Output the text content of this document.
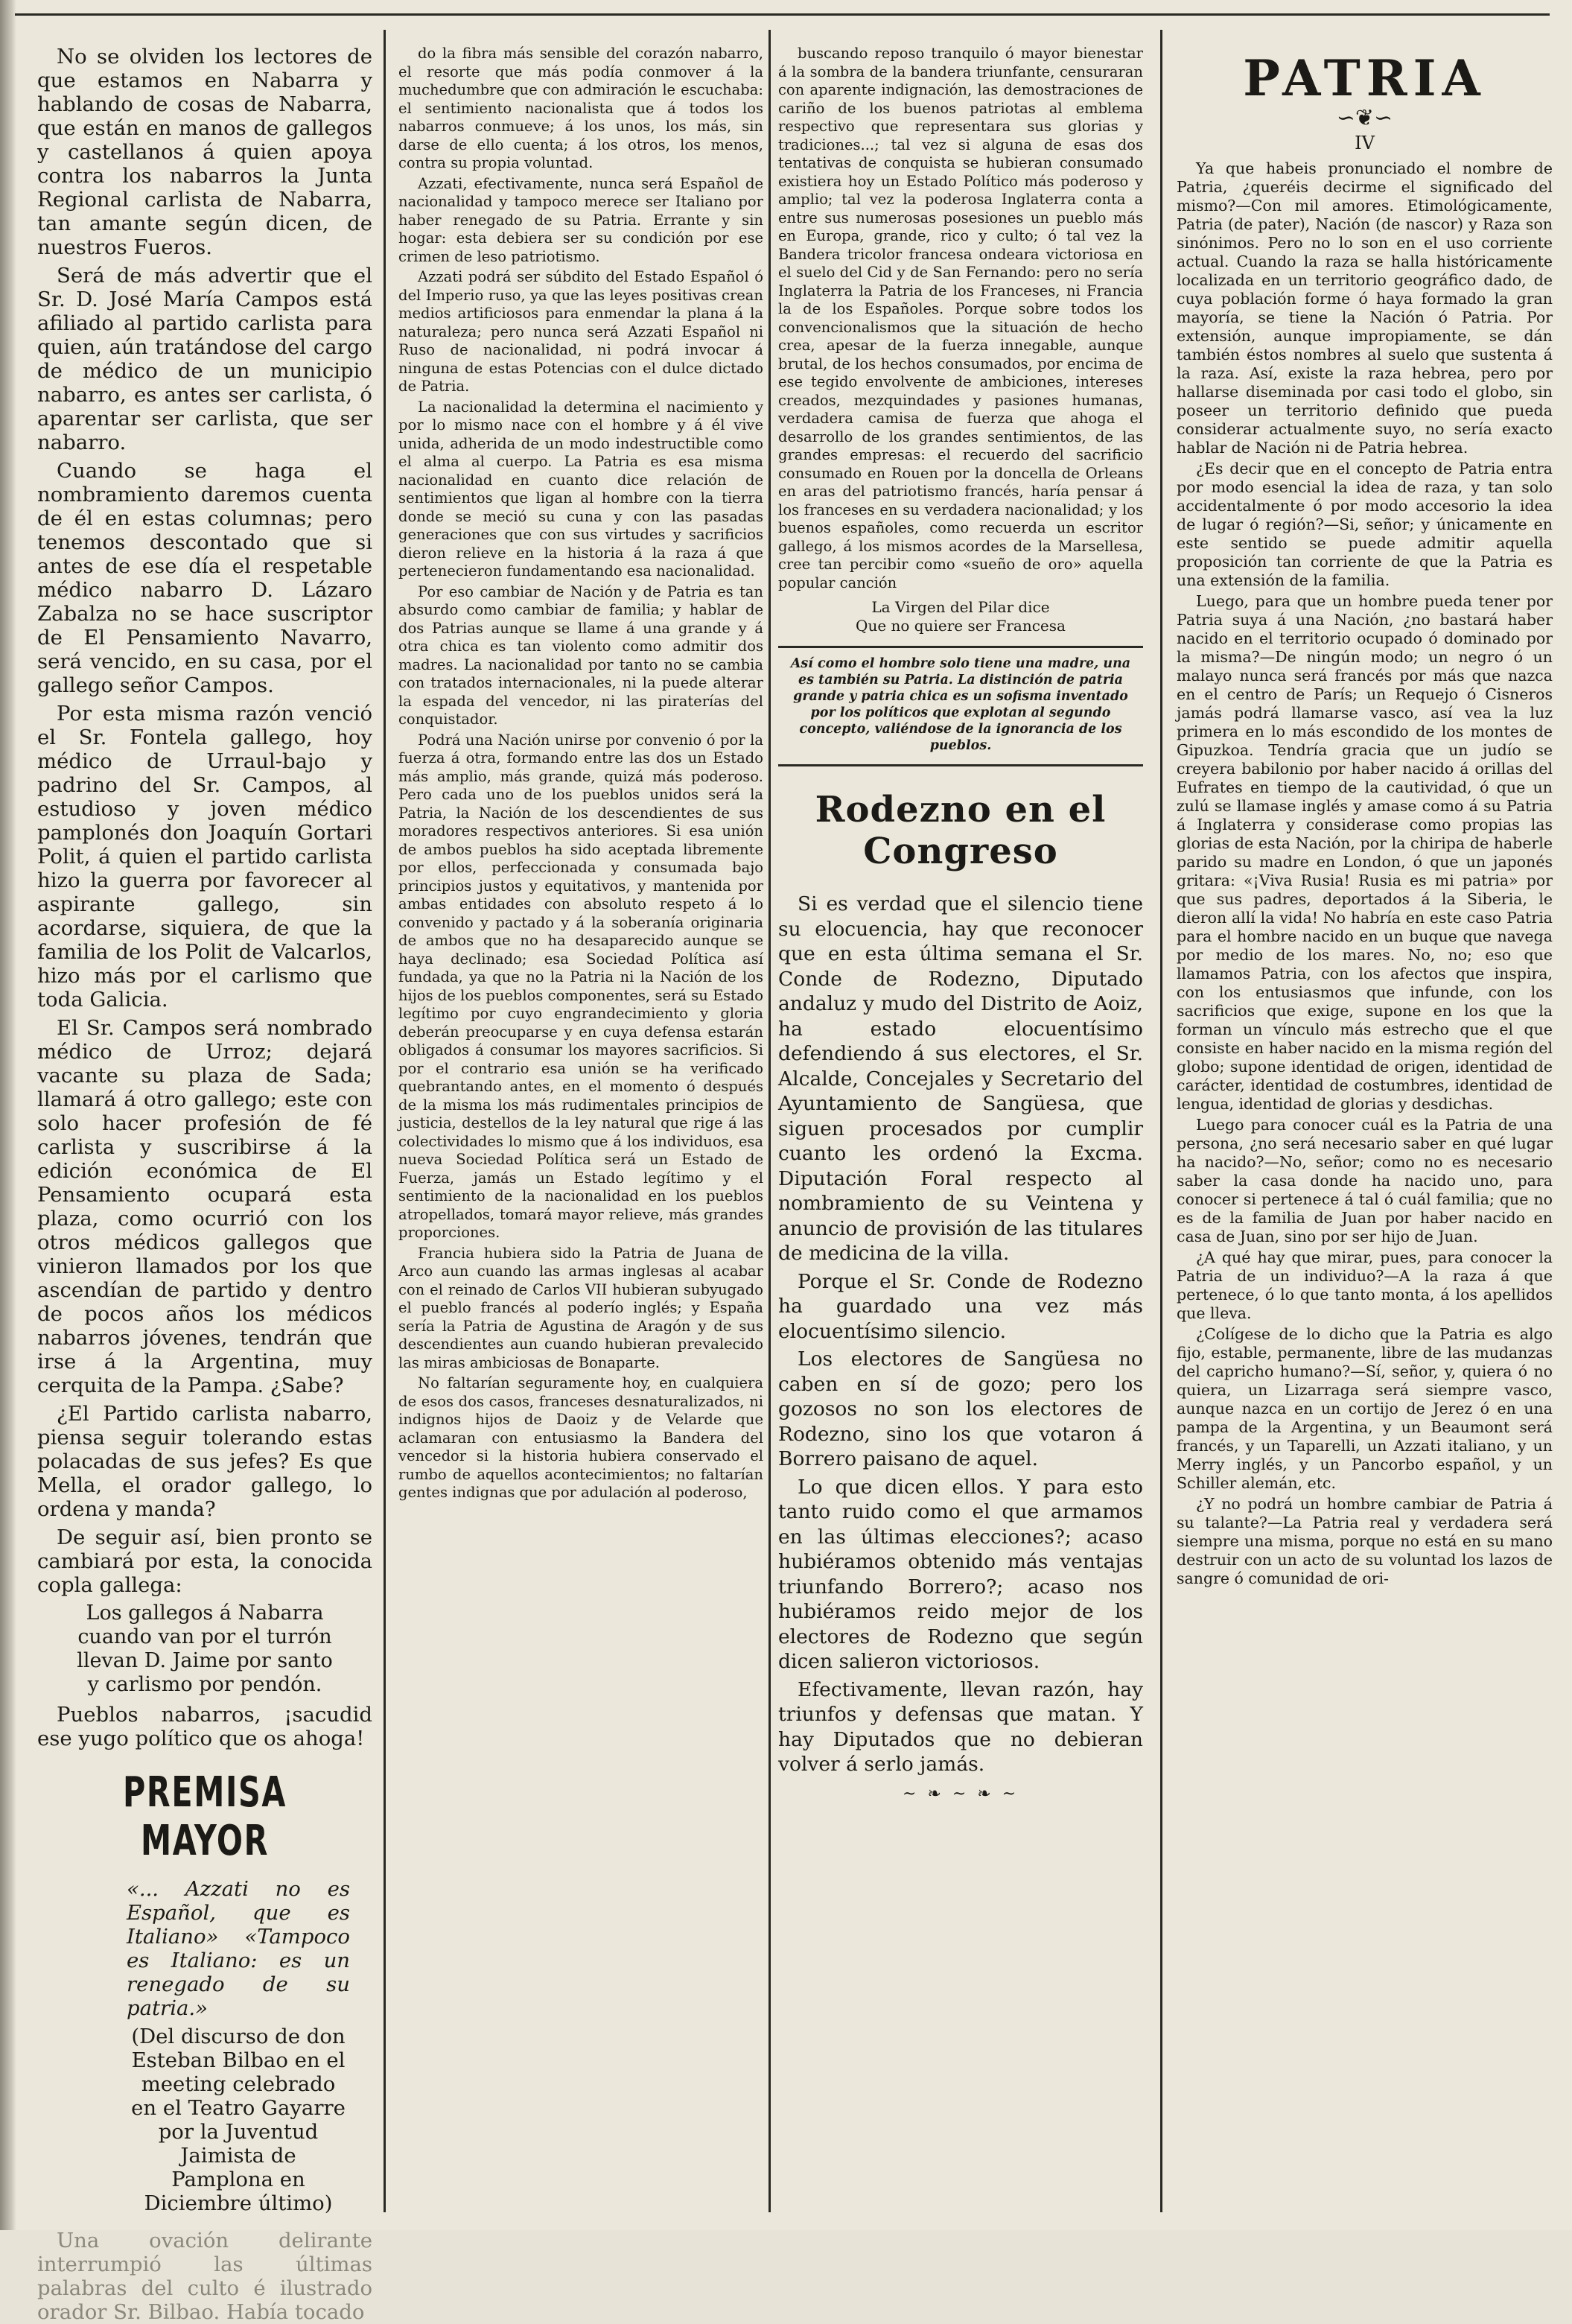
No se olviden los lectores de que estamos en Nabarra y hablando de cosas de Nabarra, que están en manos de gallegos y castellanos á quien apoya contra los nabarros la Junta Regional carlista de Nabarra, tan amante según dicen, de nuestros Fueros.

Será de más advertir que el Sr. D. José María Campos está afiliado al partido carlista para quien, aún tratándose del cargo de médico de un municipio nabarro, es antes ser carlista, ó aparentar ser carlista, que ser nabarro.

Cuando se haga el nombramiento daremos cuenta de él en estas columnas; pero tenemos descontado que si antes de ese día el respetable médico nabarro D. Lázaro Zabalza no se hace suscriptor de El Pensamiento Navarro, será vencido, en su casa, por el gallego señor Campos.

Por esta misma razón venció el Sr. Fontela gallego, hoy médico de Urraul-bajo y padrino del Sr. Campos, al estudioso y joven médico pamplonés don Joaquín Gortari Polit, á quien el partido carlista hizo la guerra por favorecer al aspirante gallego, sin acordarse, siquiera, de que la familia de los Polit de Valcarlos, hizo más por el carlismo que toda Galicia.

El Sr. Campos será nombrado médico de Urroz; dejará vacante su plaza de Sada; llamará á otro gallego; este con solo hacer profesión de fé carlista y suscribirse á la edición económica de El Pensamiento ocupará esta plaza, como ocurrió con los otros médicos gallegos que vinieron llamados por los que ascendían de partido y dentro de pocos años los médicos nabarros jóvenes, tendrán que irse á la Argentina, muy cerquita de la Pampa. ¿Sabe?

¿El Partido carlista nabarro, piensa seguir tolerando estas polacadas de sus jefes? Es que Mella, el orador gallego, lo ordena y manda?

De seguir así, bien pronto se cambiará por esta, la conocida copla gallega:

Los gallegos á Nabarra
cuando van por el turrón
llevan D. Jaime por santo
y carlismo por pendón.

Pueblos nabarros, ¡sacudid ese yugo político que os ahoga!

PREMISA MAYOR

«... Azzati no es Español, que es Italiano» «Tampoco es Italiano: es un renegado de su patria.»

(Del discurso de don Esteban Bilbao en el meeting celebrado en el Teatro Gayarre por la Juventud Jaimista de Pamplona en Diciembre último)

Una ovación delirante interrumpió las últimas palabras del culto é ilustrado orador Sr. Bilbao. Había tocado

do la fibra más sensible del corazón nabarro, el resorte que más podía conmover á la muchedumbre que con admiración le escuchaba: el sentimiento nacionalista que á todos los nabarros conmueve; á los unos, los más, sin darse de ello cuenta; á los otros, los menos, contra su propia voluntad.

Azzati, efectivamente, nunca será Español de nacionalidad y tampoco merece ser Italiano por haber renegado de su Patria. Errante y sin hogar: esta debiera ser su condición por ese crimen de leso patriotismo.

Azzati podrá ser súbdito del Estado Español ó del Imperio ruso, ya que las leyes positivas crean medios artificiosos para enmendar la plana á la naturaleza; pero nunca será Azzati Español ni Ruso de nacionalidad, ni podrá invocar á ninguna de estas Potencias con el dulce dictado de Patria.

La nacionalidad la determina el nacimiento y por lo mismo nace con el hombre y á él vive unida, adherida de un modo indestructible como el alma al cuerpo. La Patria es esa misma nacionalidad en cuanto dice relación de sentimientos que ligan al hombre con la tierra donde se meció su cuna y con las pasadas generaciones que con sus virtudes y sacrificios dieron relieve en la historia á la raza á que pertenecieron fundamentando esa nacionalidad.

Por eso cambiar de Nación y de Patria es tan absurdo como cambiar de familia; y hablar de dos Patrias aunque se llame á una grande y á otra chica es tan violento como admitir dos madres. La nacionalidad por tanto no se cambia con tratados internacionales, ni la puede alterar la espada del vencedor, ni las piraterías del conquistador.

Podrá una Nación unirse por convenio ó por la fuerza á otra, formando entre las dos un Estado más amplio, más grande, quizá más poderoso. Pero cada uno de los pueblos unidos será la Patria, la Nación de los descendientes de sus moradores respectivos anteriores. Si esa unión de ambos pueblos ha sido aceptada libremente por ellos, perfeccionada y consumada bajo principios justos y equitativos, y mantenida por ambas entidades con absoluto respeto á lo convenido y pactado y á la soberanía originaria de ambos que no ha desaparecido aunque se haya declinado; esa Sociedad Política así fundada, ya que no la Patria ni la Nación de los hijos de los pueblos componentes, será su Estado legítimo por cuyo engrandecimiento y gloria deberán preocuparse y en cuya defensa estarán obligados á consumar los mayores sacrificios. Si por el contrario esa unión se ha verificado quebrantando antes, en el momento ó después de la misma los más rudimentales principios de justicia, destellos de la ley natural que rige á las colectividades lo mismo que á los individuos, esa nueva Sociedad Política será un Estado de Fuerza, jamás un Estado legítimo y el sentimiento de la nacionalidad en los pueblos atropellados, tomará mayor relieve, más grandes proporciones.

Francia hubiera sido la Patria de Juana de Arco aun cuando las armas inglesas al acabar con el reinado de Carlos VII hubieran subyugado el pueblo francés al poderío inglés; y España sería la Patria de Agustina de Aragón y de sus descendientes aun cuando hubieran prevalecido las miras ambiciosas de Bonaparte.

No faltarían seguramente hoy, en cualquiera de esos dos casos, franceses desnaturalizados, ni indignos hijos de Daoiz y de Velarde que aclamaran con entusiasmo la Bandera del vencedor si la historia hubiera conservado el rumbo de aquellos acontecimientos; no faltarían gentes indignas que por adulación al poderoso,

buscando reposo tranquilo ó mayor bienestar á la sombra de la bandera triunfante, censuraran con aparente indignación, las demostraciones de cariño de los buenos patriotas al emblema respectivo que representara sus glorias y tradiciones...; tal vez si alguna de esas dos tentativas de conquista se hubieran consumado existiera hoy un Estado Político más poderoso y amplio; tal vez la poderosa Inglaterra conta a entre sus numerosas posesiones un pueblo más en Europa, grande, rico y culto; ó tal vez la Bandera tricolor francesa ondeara victoriosa en el suelo del Cid y de San Fernando: pero no sería Inglaterra la Patria de los Franceses, ni Francia la de los Españoles. Porque sobre todos los convencionalismos que la situación de hecho crea, apesar de la fuerza innegable, aunque brutal, de los hechos consumados, por encima de ese tegido envolvente de ambiciones, intereses creados, mezquindades y pasiones humanas, verdadera camisa de fuerza que ahoga el desarrollo de los grandes sentimientos, de las grandes empresas: el recuerdo del sacrificio consumado en Rouen por la doncella de Orleans en aras del patriotismo francés, haría pensar á los franceses en su verdadera nacionalidad; y los buenos españoles, como recuerda un escritor gallego, á los mismos acordes de la Marsellesa, cree tan percibir como «sueño de oro» aquella popular canción

La Virgen del Pilar dice
Que no quiere ser Francesa

Así como el hombre solo tiene una madre, una es también su Patria. La distinción de patria grande y patria chica es un sofisma inventado por los políticos que explotan al segundo concepto, valiéndose de la ignorancia de los pueblos.

Rodezno en el Congreso

Si es verdad que el silencio tiene su elocuencia, hay que reconocer que en esta última semana el Sr. Conde de Rodezno, Diputado andaluz y mudo del Distrito de Aoiz, ha estado elocuentísimo defendiendo á sus electores, el Sr. Alcalde, Concejales y Secretario del Ayuntamiento de Sangüesa, que siguen procesados por cumplir cuanto les ordenó la Excma. Diputación Foral respecto al nombramiento de su Veintena y anuncio de provisión de las titulares de medicina de la villa.

Porque el Sr. Conde de Rodezno ha guardado una vez más elocuentísimo silencio.

Los electores de Sangüesa no caben en sí de gozo; pero los gozosos no son los electores de Rodezno, sino los que votaron á Borrero paisano de aquel.

Lo que dicen ellos. Y para esto tanto ruido como el que armamos en las últimas elecciones?; acaso hubiéramos obtenido más ventajas triunfando Borrero?; acaso nos hubiéramos reido mejor de los electores de Rodezno que según dicen salieron victoriosos.

Efectivamente, llevan razón, hay triunfos y defensas que matan. Y hay Diputados que no debieran volver á serlo jamás.

~ ❧ ~ ❧ ~
PATRIA
∽❦∽
IV

Ya que habeis pronunciado el nombre de Patria, ¿queréis decirme el significado del mismo?—Con mil amores. Etimológicamente, Patria (de pater), Nación (de nascor) y Raza son sinónimos. Pero no lo son en el uso corriente actual. Cuando la raza se halla históricamente localizada en un territorio geográfico dado, de cuya población forme ó haya formado la gran mayoría, se tiene la Nación ó Patria. Por extensión, aunque impropiamente, se dán también éstos nombres al suelo que sustenta á la raza. Así, existe la raza hebrea, pero por hallarse diseminada por casi todo el globo, sin poseer un territorio definido que pueda considerar actualmente suyo, no sería exacto hablar de Nación ni de Patria hebrea.

¿Es decir que en el concepto de Patria entra por modo esencial la idea de raza, y tan solo accidentalmente ó por modo accesorio la idea de lugar ó región?—Si, señor; y únicamente en este sentido se puede admitir aquella proposición tan corriente de que la Patria es una extensión de la familia.

Luego, para que un hombre pueda tener por Patria suya á una Nación, ¿no bastará haber nacido en el territorio ocupado ó dominado por la misma?—De ningún modo; un negro ó un malayo nunca será francés por más que nazca en el centro de París; un Requejo ó Cisneros jamás podrá llamarse vasco, así vea la luz primera en lo más escondido de los montes de Gipuzkoa. Tendría gracia que un judío se creyera babilonio por haber nacido á orillas del Eufrates en tiempo de la cautividad, ó que un zulú se llamase inglés y amase como á su Patria á Inglaterra y considerase como propias las glorias de esta Nación, por la chiripa de haberle parido su madre en London, ó que un japonés gritara: «¡Viva Rusia! Rusia es mi patria» por que sus padres, deportados á la Siberia, le dieron allí la vida! No habría en este caso Patria para el hombre nacido en un buque que navega por medio de los mares. No, no; eso que llamamos Patria, con los afectos que inspira, con los entusiasmos que infunde, con los sacrificios que exige, supone en los que la forman un vínculo más estrecho que el que consiste en haber nacido en la misma región del globo; supone identidad de origen, identidad de carácter, identidad de costumbres, identidad de lengua, identidad de glorias y desdichas.

Luego para conocer cuál es la Patria de una persona, ¿no será necesario saber en qué lugar ha nacido?—No, señor; como no es necesario saber la casa donde ha nacido uno, para conocer si pertenece á tal ó cuál familia; que no es de la familia de Juan por haber nacido en casa de Juan, sino por ser hijo de Juan.

¿A qué hay que mirar, pues, para conocer la Patria de un individuo?—A la raza á que pertenece, ó lo que tanto monta, á los apellidos que lleva.

¿Colígese de lo dicho que la Patria es algo fijo, estable, permanente, libre de las mudanzas del capricho humano?—Sí, señor, y, quiera ó no quiera, un Lizarraga será siempre vasco, aunque nazca en un cortijo de Jerez ó en una pampa de la Argentina, y un Beaumont será francés, y un Taparelli, un Azzati italiano, y un Merry inglés, y un Pancorbo español, y un Schiller alemán, etc.

¿Y no podrá un hombre cambiar de Patria á su talante?—La Patria real y verdadera será siempre una misma, porque no está en su mano destruir con un acto de su voluntad los lazos de sangre ó comunidad de ori-
